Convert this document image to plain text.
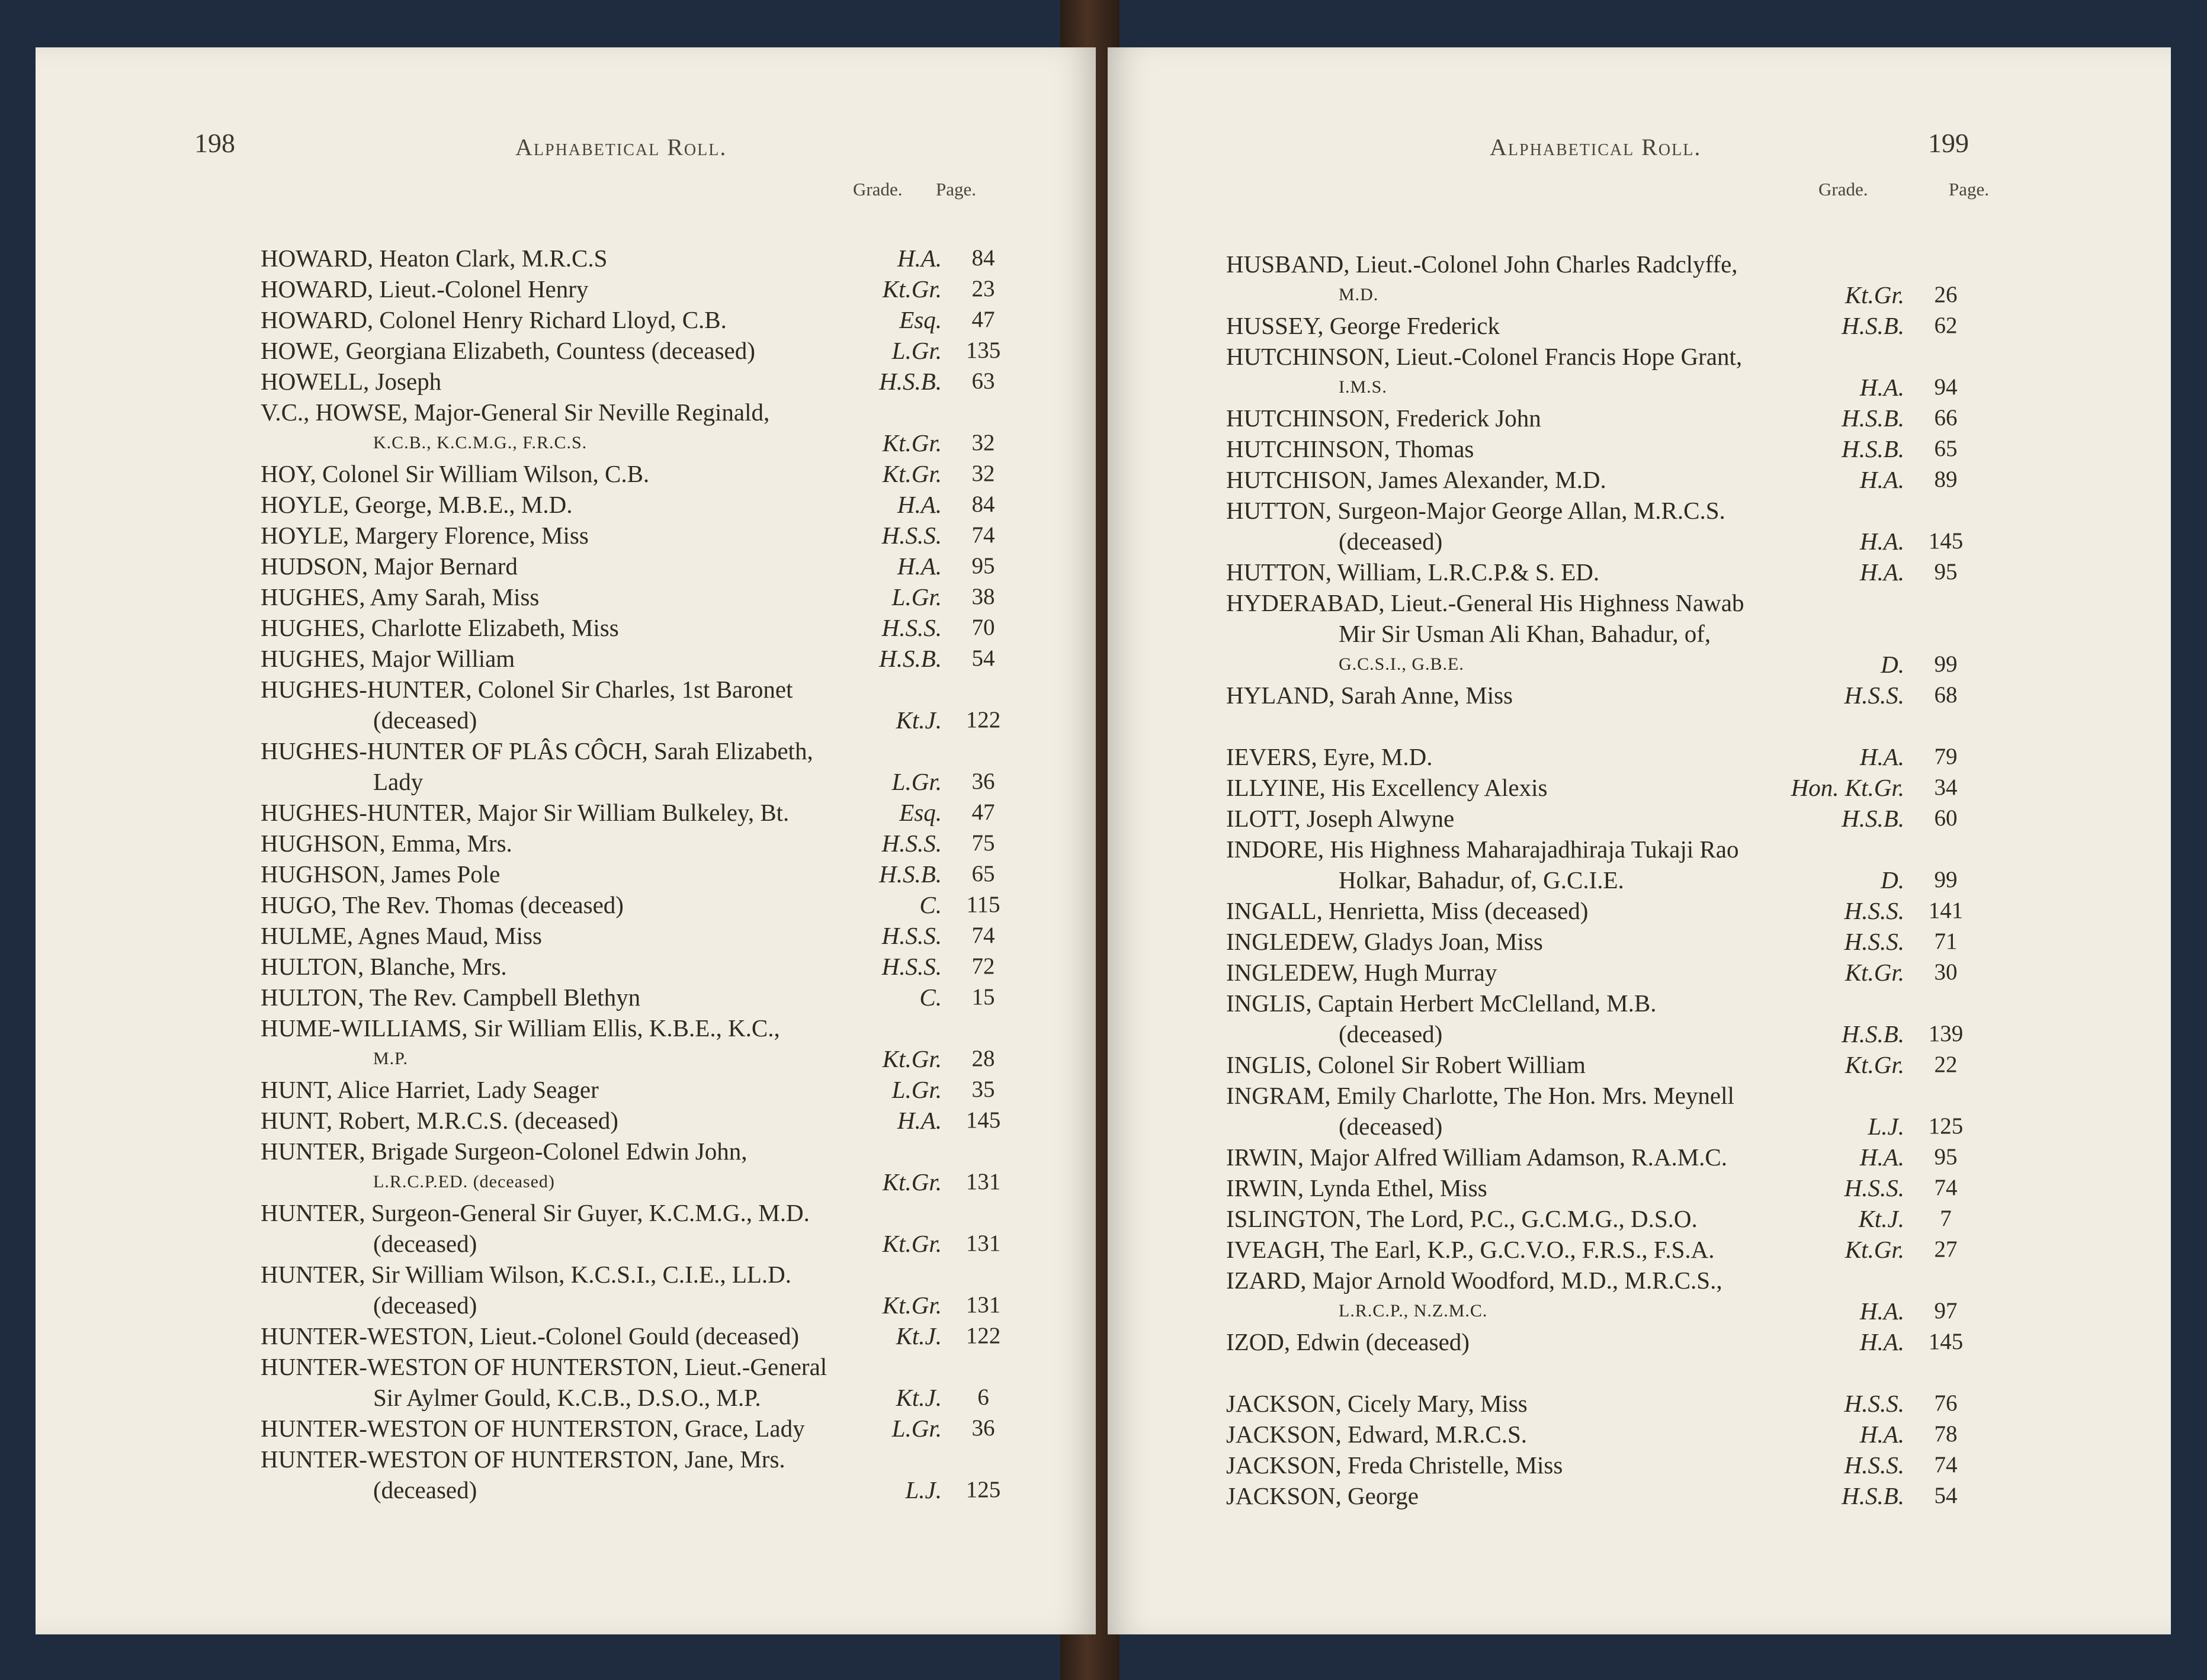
198	Alphabetical Roll.
Grade. Page.
HOWARD, Heaton Clark, M.R.C.S	H.A.	84
HOWARD, Lieut.-Colonel Henry	Kt.Gr.	23
HOWARD, Colonel Henry Richard Lloyd, C.B.	Esq.	47
HOWE, Georgiana Elizabeth, Countess (deceased)	L.Gr.	135
HOWELL, Joseph	H.S.B.	63
V.C., HOWSE, Major-General Sir Neville Reginald,
K.C.B., K.C.M.G., F.R.C.S.	Kt.Gr.	32
HOY, Colonel Sir William Wilson, C.B.	Kt.Gr.	32
HOYLE, George, M.B.E., M.D.	H.A.	84
HOYLE, Margery Florence, Miss	H.S.S.	74
HUDSON, Major Bernard	H.A.	95
HUGHES, Amy Sarah, Miss	L.Gr.	38
HUGHES, Charlotte Elizabeth, Miss	H.S.S.	70
HUGHES, Major William	H.S.B.	54
HUGHES-HUNTER, Colonel Sir Charles, 1st Baronet
(deceased)	Kt.J.	122
HUGHES-HUNTER OF PLÂS CÔCH, Sarah Elizabeth,
Lady	L.Gr.	36
HUGHES-HUNTER, Major Sir William Bulkeley, Bt.	Esq.	47
HUGHSON, Emma, Mrs.	H.S.S.	75
HUGHSON, James Pole	H.S.B.	65
HUGO, The Rev. Thomas (deceased)	C.	115
HULME, Agnes Maud, Miss	H.S.S.	74
HULTON, Blanche, Mrs.	H.S.S.	72
HULTON, The Rev. Campbell Blethyn	C.	15
HUME-WILLIAMS, Sir William Ellis, K.B.E., K.C.,
M.P.	Kt.Gr.	28
HUNT, Alice Harriet, Lady Seager	L.Gr.	35
HUNT, Robert, M.R.C.S. (deceased)	H.A.	145
HUNTER, Brigade Surgeon-Colonel Edwin John,
L.R.C.P.ED. (deceased)	Kt.Gr.	131
HUNTER, Surgeon-General Sir Guyer, K.C.M.G., M.D.
(deceased)	Kt.Gr.	131
HUNTER, Sir William Wilson, K.C.S.I., C.I.E., LL.D.
(deceased)	Kt.Gr.	131
HUNTER-WESTON, Lieut.-Colonel Gould (deceased)	Kt.J.	122
HUNTER-WESTON OF HUNTERSTON, Lieut.-General
Sir Aylmer Gould, K.C.B., D.S.O., M.P.	Kt.J.	6
HUNTER-WESTON OF HUNTERSTON, Grace, Lady	L.Gr.	36
HUNTER-WESTON OF HUNTERSTON, Jane, Mrs.
(deceased)	L.J.	125
Alphabetical Roll.	199
Grade.	Page.
HUSBAND, Lieut.-Colonel John Charles Radclyffe,
M.D.	Kt.Gr.	26
HUSSEY, George Frederick	H.S.B.	62
HUTCHINSON, Lieut.-Colonel Francis Hope Grant,
I.M.S.	H.A.	94
HUTCHINSON, Frederick John	H.S.B.	66
HUTCHINSON, Thomas	H.S.B.	65
HUTCHISON, James Alexander, M.D.	H.A.	89
HUTTON, Surgeon-Major George Allan, M.R.C.S.
(deceased)	H.A.	145
HUTTON, William, L.R.C.P.& S. ED.	H.A.	95
HYDERABAD, Lieut.-General His Highness Nawab
Mir Sir Usman Ali Khan, Bahadur, of,
G.C.S.I., G.B.E.	D.	99
HYLAND, Sarah Anne, Miss	H.S.S.	68
IEVERS, Eyre, M.D.	H.A.	79
ILLYINE, His Excellency Alexis	Hon. Kt.Gr.	34
ILOTT, Joseph Alwyne	H.S.B.	60
INDORE, His Highness Maharajadhiraja Tukaji Rao
Holkar, Bahadur, of, G.C.I.E.	D.	99
INGALL, Henrietta, Miss (deceased)	H.S.S.	141
INGLEDEW, Gladys Joan, Miss	H.S.S.	71
INGLEDEW, Hugh Murray	Kt.Gr.	30
INGLIS, Captain Herbert McClelland, M.B.
(deceased)	H.S.B.	139
INGLIS, Colonel Sir Robert William	Kt.Gr.	22
INGRAM, Emily Charlotte, The Hon. Mrs. Meynell
(deceased)	L.J.	125
IRWIN, Major Alfred William Adamson, R.A.M.C.	H.A.	95
IRWIN, Lynda Ethel, Miss	H.S.S.	74
ISLINGTON, The Lord, P.C., G.C.M.G., D.S.O.	Kt.J.	7
IVEAGH, The Earl, K.P., G.C.V.O., F.R.S., F.S.A.	Kt.Gr.	27
IZARD, Major Arnold Woodford, M.D., M.R.C.S.,
L.R.C.P., N.Z.M.C.	H.A.	97
IZOD, Edwin (deceased)	H.A.	145
JACKSON, Cicely Mary, Miss	H.S.S.	76
JACKSON, Edward, M.R.C.S.	H.A.	78
JACKSON, Freda Christelle, Miss	H.S.S.	74
JACKSON, George	H.S.B.	54
